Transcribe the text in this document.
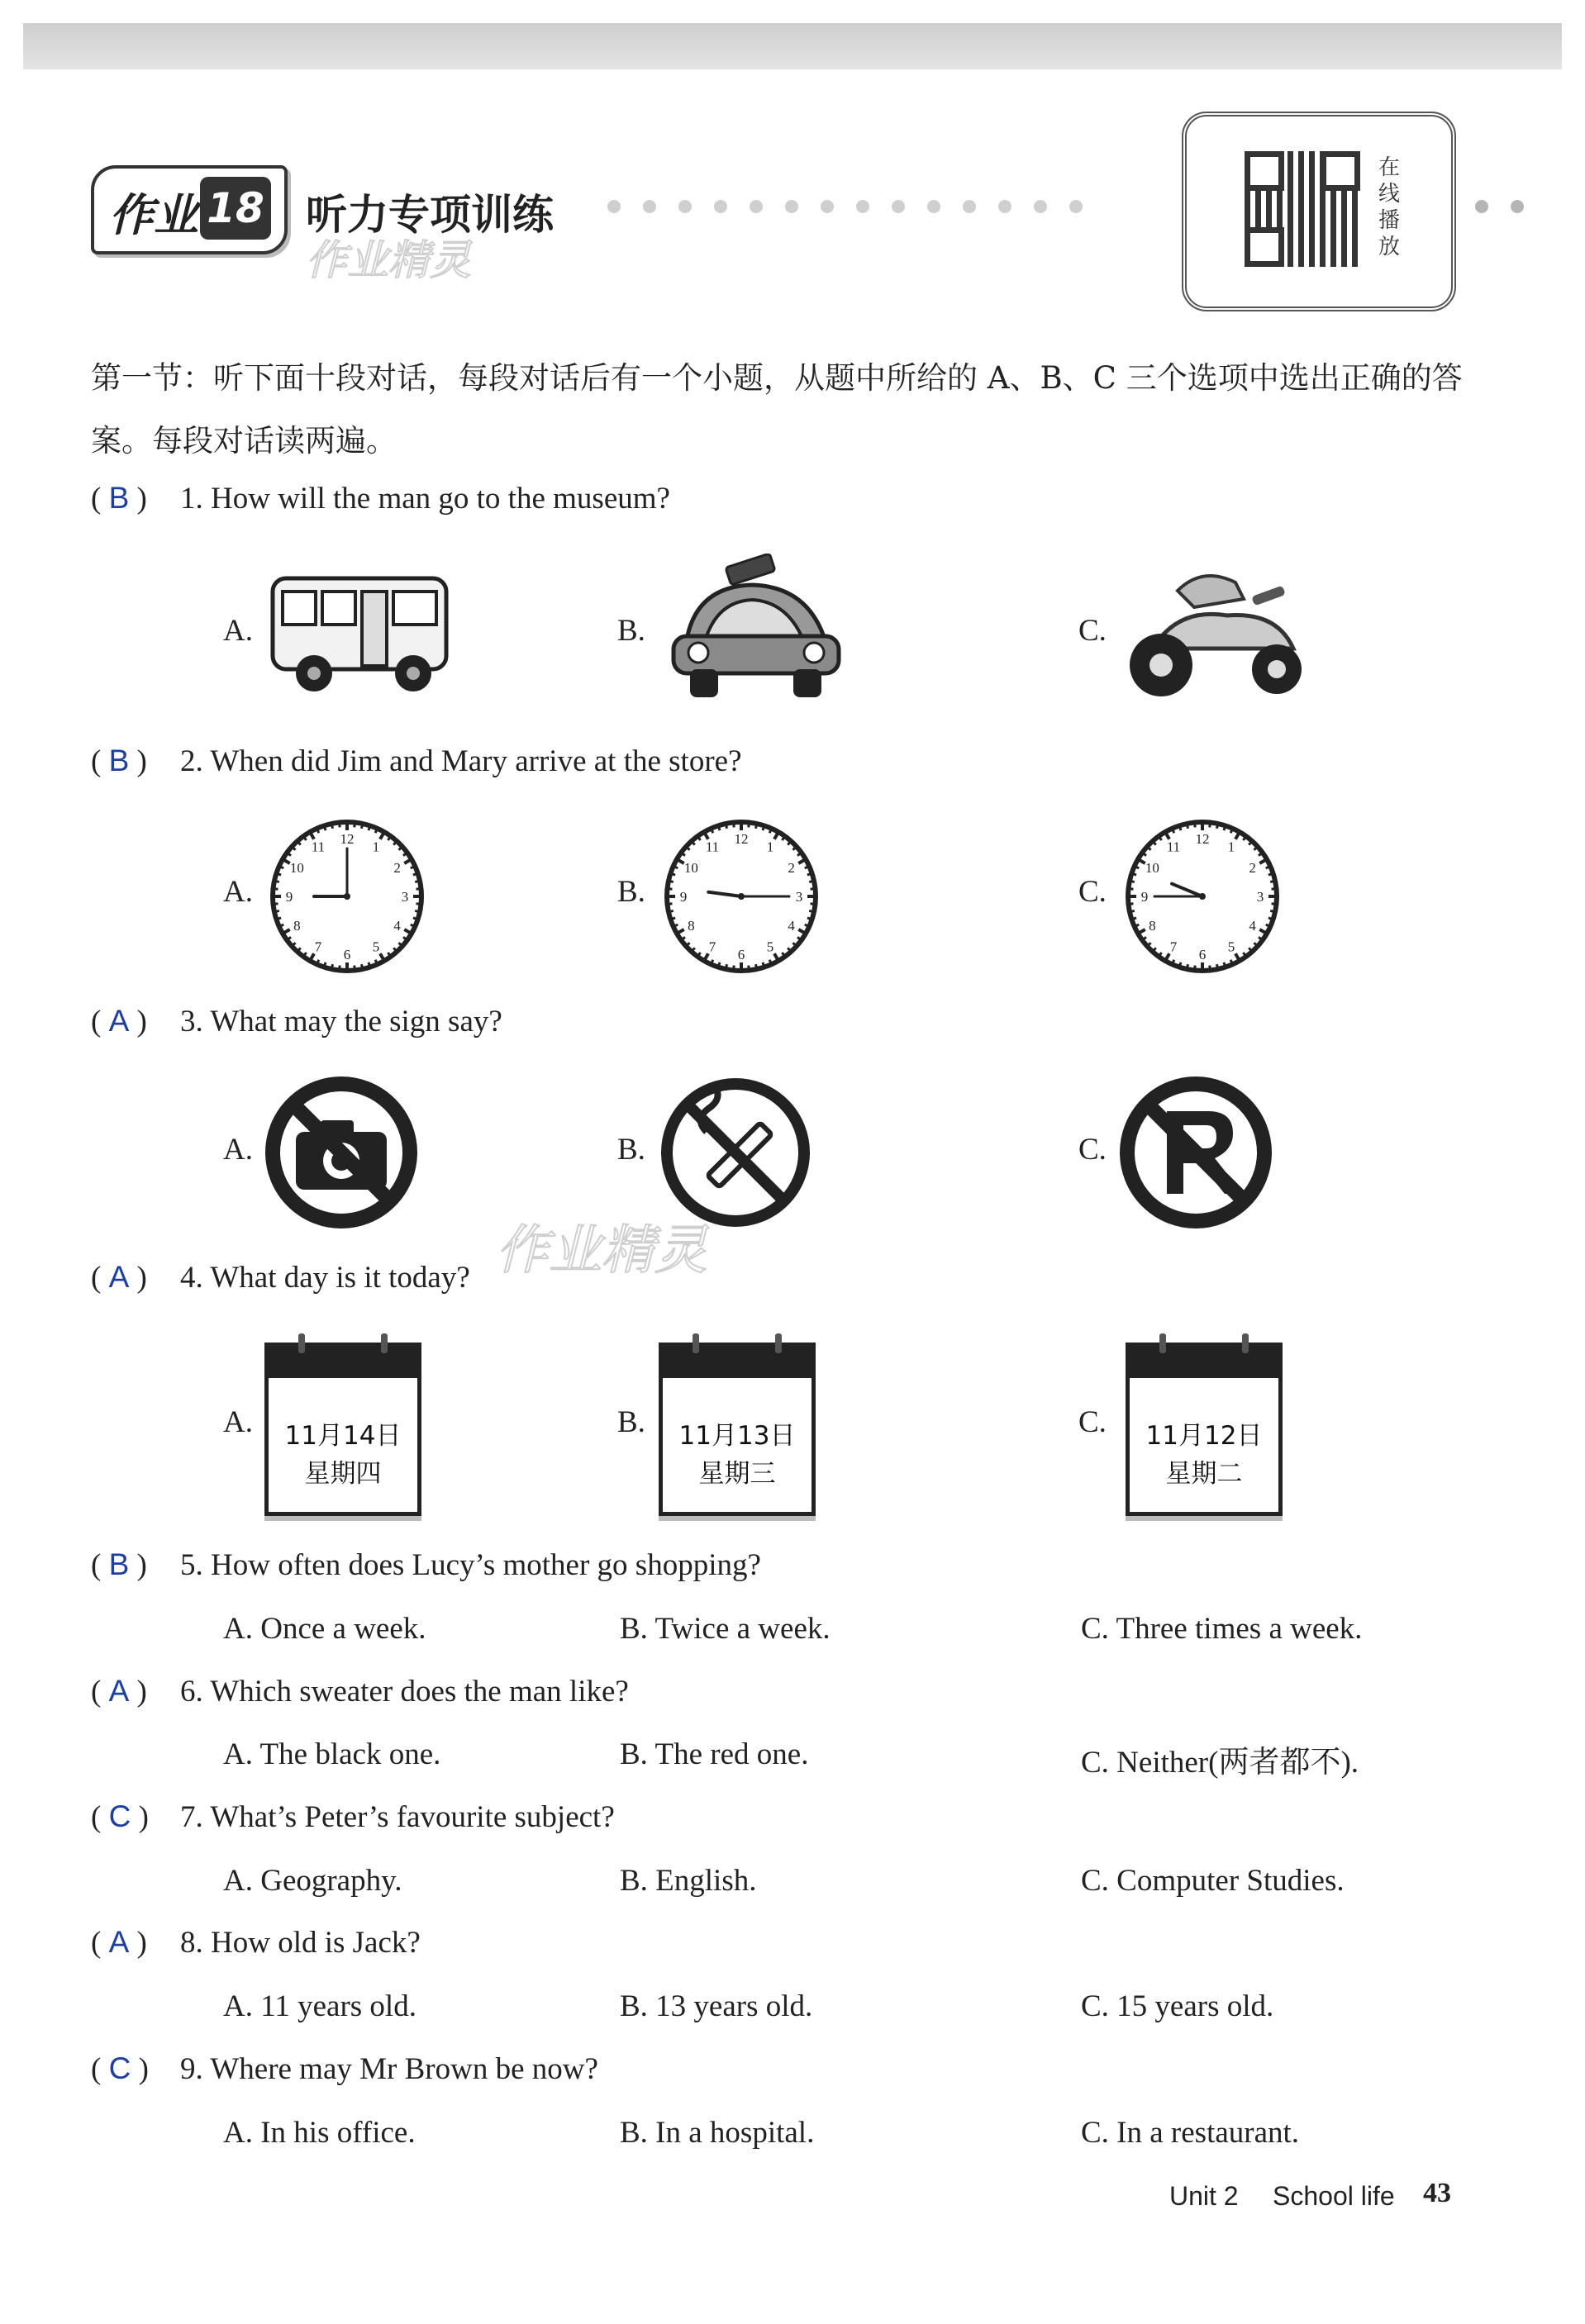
作业 18 听力专项训练
作业精灵
在线播放
第一节：听下面十段对话，每段对话后有一个小题，从题中所给的 A、B、C 三个选项中选出正确的答案。每段对话读两遍。
( B ) 1. How will the man go to the museum?
A.	B.	C.
( B ) 2. When did Jim and Mary arrive at the store?
A.	B.	C.
1
2
3
4
5
6
7
8
9
10
11 12	1
2
3
4
5
6
7
8
9
10
11 12	1
2
3
4
5
6
7
8
9
10
11 12
( A ) 3. What may the sign say?
A.	B.	C.
( A ) 4. What day is it today? 作业精灵
A.	B.	C.
11月14日
星期四
11月13日
星期三
11月12日
星期二
( B ) 5. How often does Lucy’s mother go shopping?
A. Once a week.	B. Twice a week.	C. Three times a week.
( A ) 6. Which sweater does the man like?
A. The black one.	B. The red one.	C. Neither(两者都不).
( C ) 7. What’s Peter’s favourite subject?
A. Geography.	B. English.	C. Computer Studies.
( A ) 8. How old is Jack?
A. 11 years old.	B. 13 years old.	C. 15 years old.
( C ) 9. Where may Mr Brown be now?
A. In his office.	B. In a hospital.	C. In a restaurant.
Unit 2 School life 43
